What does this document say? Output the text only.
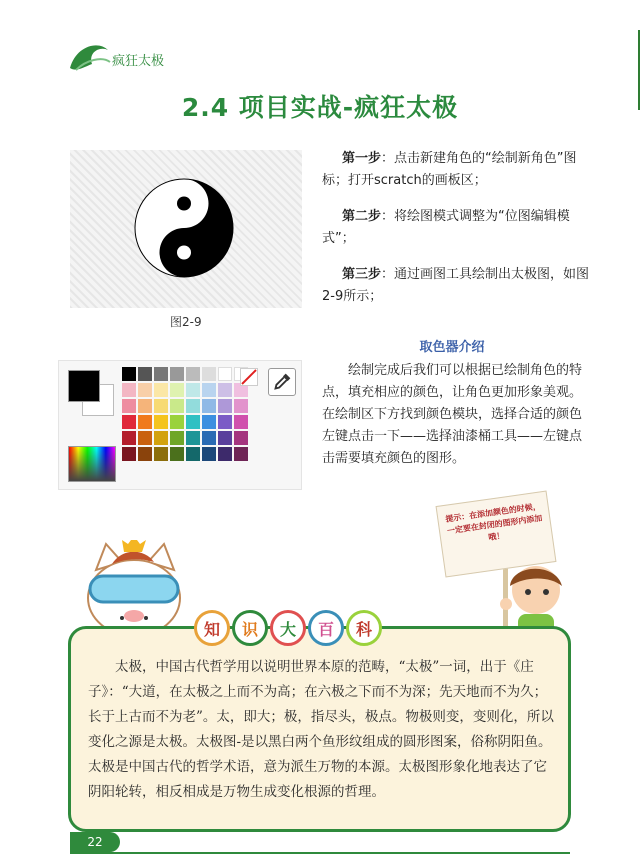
疯狂太极
2.4 项目实战-疯狂太极
图2-9
第一步：点击新建角色的“绘制新角色”图标；打开scratch的画板区；
第二步：将绘图模式调整为“位图编辑模式”；
第三步：通过画图工具绘制出太极图，如图2-9所示；
取色器介绍
绘制完成后我们可以根据已绘制角色的特点，填充相应的颜色，让角色更加形象美观。在绘制区下方找到颜色模块，选择合适的颜色左键点击一下——选择油漆桶工具——左键点击需要填充颜色的图形。
提示：在添加颜色的时候，一定要在封闭的图形内添加哦！
知	识	大	百	科
太极，中国古代哲学用以说明世界本原的范畴，“太极”一词，出于《庄子》：“大道，在太极之上而不为高；在六极之下而不为深；先天地而不为久；长于上古而不为老”。太，即大；极，指尽头，极点。物极则变，变则化，所以变化之源是太极。太极图-是以黑白两个鱼形纹组成的圆形图案，俗称阴阳鱼。太极是中国古代的哲学术语，意为派生万物的本源。太极图形象化地表达了它阴阳轮转，相反相成是万物生成变化根源的哲理。
22
